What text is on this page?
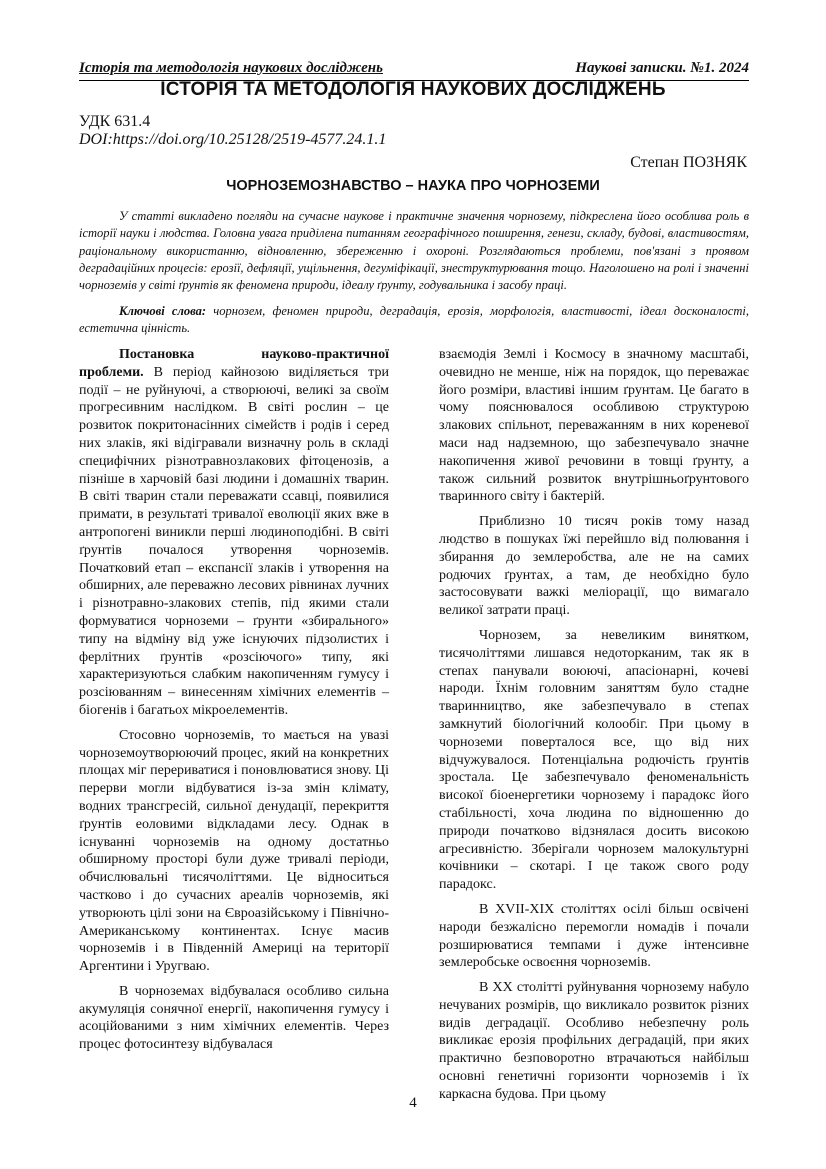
Історія та методологія наукових досліджень	Наукові записки. №1. 2024
ІСТОРІЯ ТА МЕТОДОЛОГІЯ НАУКОВИХ ДОСЛІДЖЕНЬ
УДК 631.4
DOI:https://doi.org/10.25128/2519-4577.24.1.1
Степан ПОЗНЯК
ЧОРНОЗЕМОЗНАВСТВО – НАУКА ПРО ЧОРНОЗЕМИ

У статті викладено погляди на сучасне наукове і практичне значення чорнозему, підкреслена його особлива роль в історії науки і людства. Головна увага приділена питанням географічного поширення, генези, складу, будові, властивостям, раціональному використанню, відновленню, збереженню і охороні. Розглядаються проблеми, пов'язані з проявом деградаційних процесів: ерозії, дефляції, ущільнення, дегуміфікації, знеструктурювання тощо. Наголошено на ролі і значенні чорноземів у світі ґрунтів як феномена природи, ідеалу ґрунту, годувальника і засобу праці.

Ключові слова: чорнозем, феномен природи, деградація, ерозія, морфологія, властивості, ідеал досконалості, естетична цінність.

Постановка науково-практичної проблеми. В період кайнозою виділяється три події – не руйнуючі, а створюючі, великі за своїм прогресивним наслідком. В світі рослин – це розвиток покритонасінних сімейств і родів і серед них злаків, які відігравали визначну роль в складі специфічних різнотравнозлакових фітоценозів, а пізніше в харчовій базі людини і домашніх тварин. В світі тварин стали переважати ссавці, появилися примати, в результаті тривалої еволюції яких вже в антропогені виникли перші людиноподібні. В світі ґрунтів почалося утворення чорноземів. Початковий етап – експансії злаків і утворення на обширних, але переважно лесових рівнинах лучних і різнотравно-злакових степів, під якими стали формуватися чорноземи – ґрунти «збирального» типу на відміну від уже існуючих підзолистих і ферлітних ґрунтів «розсіючого» типу, які характеризуються слабким накопиченням гумусу і розсіюванням – винесенням хімічних елементів – біогенів і багатьох мікроелементів.

Стосовно чорноземів, то мається на увазі чорноземоутворюючий процес, який на конкретних площах міг перериватися і поновлюватися знову. Ці перерви могли відбуватися із-за змін клімату, водних трансгресій, сильної денудації, перекриття ґрунтів еоловими відкладами лесу. Однак в існуванні чорноземів на одному достатньо обширному просторі були дуже тривалі періоди, обчислювальні тисячоліттями. Це відноситься частково і до сучасних ареалів чорноземів, які утворюють цілі зони на Євроазійському і Північно-Американському континентах. Існує масив чорноземів і в Південній Америці на території Аргентини і Уругваю.

В чорноземах відбувалася особливо сильна акумуляція сонячної енергії, накопичення гумусу і асоційованими з ним хімічних елементів. Через процес фотосинтезу відбувалася

взаємодія Землі і Космосу в значному масштабі, очевидно не менше, ніж на порядок, що переважає його розміри, властиві іншим ґрунтам. Це багато в чому пояснювалося особливою структурою злакових спільнот, переважанням в них кореневої маси над надземною, що забезпечувало значне накопичення живої речовини в товщі ґрунту, а також сильний розвиток внутрішньоґрунтового тваринного світу і бактерій.

Приблизно 10 тисяч років тому назад людство в пошуках їжі перейшло від полювання і збирання до землеробства, але не на самих родючих ґрунтах, а там, де необхідно було застосовувати важкі меліорації, що вимагало великої затрати праці.

Чорнозем, за невеликим винятком, тисячоліттями лишався недоторканим, так як в степах панували воюючі, апасіонарні, кочеві народи. Їхнім головним заняттям було стадне тваринництво, яке забезпечувало в степах замкнутий біологічний колообіг. При цьому в чорноземи поверталося все, що від них відчужувалося. Потенціальна родючість ґрунтів зростала. Це забезпечувало феноменальність високої біоенергетики чорнозему і парадокс його стабільності, хоча людина по відношенню до природи початково відзнялася досить високою агресивністю. Зберігали чорнозем малокультурні кочівники – скотарі. І це також свого роду парадокс.

В XVII-XIX століттях осілі більш освічені народи безжалісно перемогли номадів і почали розширюватися темпами і дуже інтенсивне землеробське освоєння чорноземів.

В XX столітті руйнування чорнозему набуло нечуваних розмірів, що викликало розвиток різних видів деградації. Особливо небезпечну роль викликає ерозія профільних деградацій, при яких практично безповоротно втрачаються найбільш основні генетичні горизонти чорноземів і їх каркасна будова. При цьому

4
